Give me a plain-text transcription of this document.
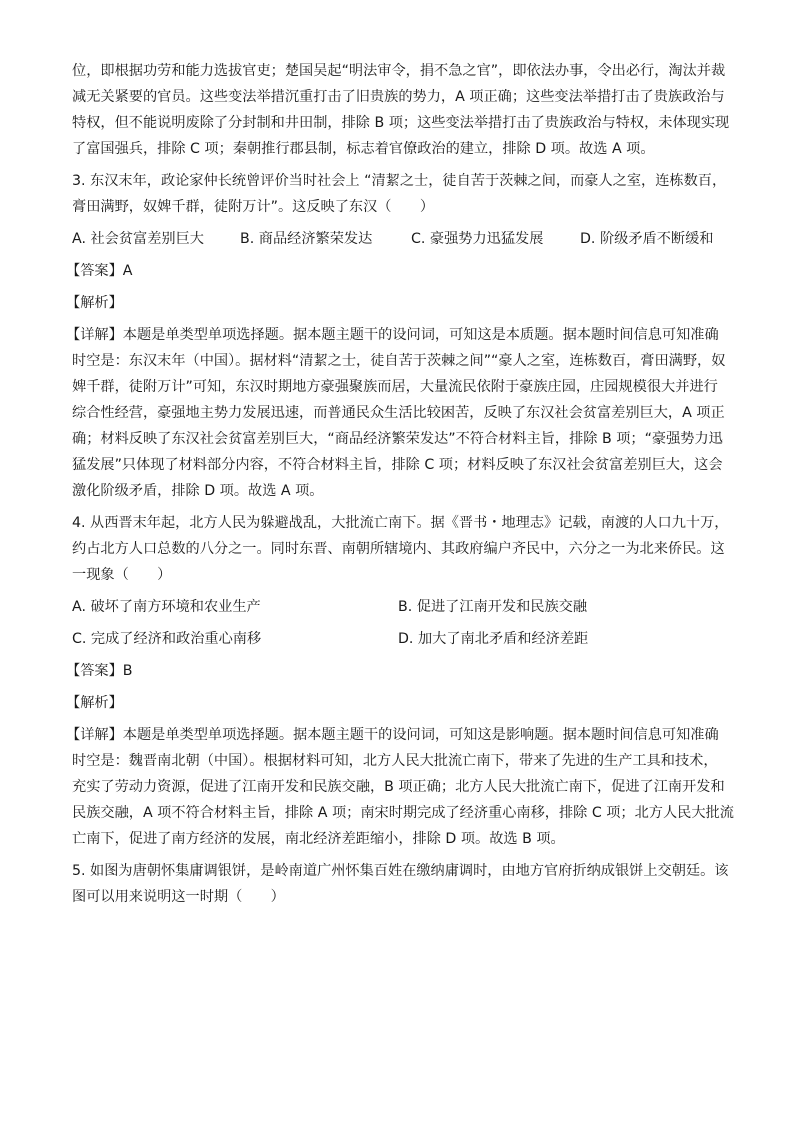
位，即根据功劳和能力选拔官吏；楚国吴起“明法审令，捐不急之官”，即依法办事，令出必行，淘汰并裁

减无关紧要的官员。这些变法举措沉重打击了旧贵族的势力，A 项正确；这些变法举措打击了贵族政治与

特权，但不能说明废除了分封制和井田制，排除 B 项；这些变法举措打击了贵族政治与特权，未体现实现

了富国强兵，排除 C 项；秦朝推行郡县制，标志着官僚政治的建立，排除 D 项。故选 A 项。

3. 东汉末年，政论家仲长统曾评价当时社会上 “清絜之士，徒自苦于茨棘之间，而豪人之室，连栋数百，

膏田满野，奴婢千群，徒附万计”。这反映了东汉（　　）

A. 社会贫富差别巨大	B. 商品经济繁荣发达	C. 豪强势力迅猛发展	D. 阶级矛盾不断缓和

【答案】A

【解析】

【详解】本题是单类型单项选择题。据本题主题干的设问词，可知这是本质题。据本题时间信息可知准确

时空是：东汉末年（中国）。据材料“清絜之士，徒自苦于茨棘之间”“豪人之室，连栋数百，膏田满野，奴

婢千群，徒附万计”可知，东汉时期地方豪强聚族而居，大量流民依附于豪族庄园，庄园规模很大并进行

综合性经营，豪强地主势力发展迅速，而普通民众生活比较困苦，反映了东汉社会贫富差别巨大，A 项正

确；材料反映了东汉社会贫富差别巨大，“商品经济繁荣发达”不符合材料主旨，排除 B 项；“豪强势力迅

猛发展”只体现了材料部分内容，不符合材料主旨，排除 C 项；材料反映了东汉社会贫富差别巨大，这会

激化阶级矛盾，排除 D 项。故选 A 项。

4. 从西晋末年起，北方人民为躲避战乱，大批流亡南下。据《晋书・地理志》记载，南渡的人口九十万，

约占北方人口总数的八分之一。同时东晋、南朝所辖境内、其政府编户齐民中，六分之一为北来侨民。这

一现象（　　）

A. 破坏了南方环境和农业生产	B. 促进了江南开发和民族交融
C. 完成了经济和政治重心南移	D. 加大了南北矛盾和经济差距

【答案】B

【解析】

【详解】本题是单类型单项选择题。据本题主题干的设问词，可知这是影响题。据本题时间信息可知准确

时空是：魏晋南北朝（中国）。根据材料可知，北方人民大批流亡南下，带来了先进的生产工具和技术，

充实了劳动力资源，促进了江南开发和民族交融，B 项正确；北方人民大批流亡南下，促进了江南开发和

民族交融，A 项不符合材料主旨，排除 A 项；南宋时期完成了经济重心南移，排除 C 项；北方人民大批流

亡南下，促进了南方经济的发展，南北经济差距缩小，排除 D 项。故选 B 项。

5. 如图为唐朝怀集庸调银饼，是岭南道广州怀集百姓在缴纳庸调时，由地方官府折纳成银饼上交朝廷。该

图可以用来说明这一时期（　　）
